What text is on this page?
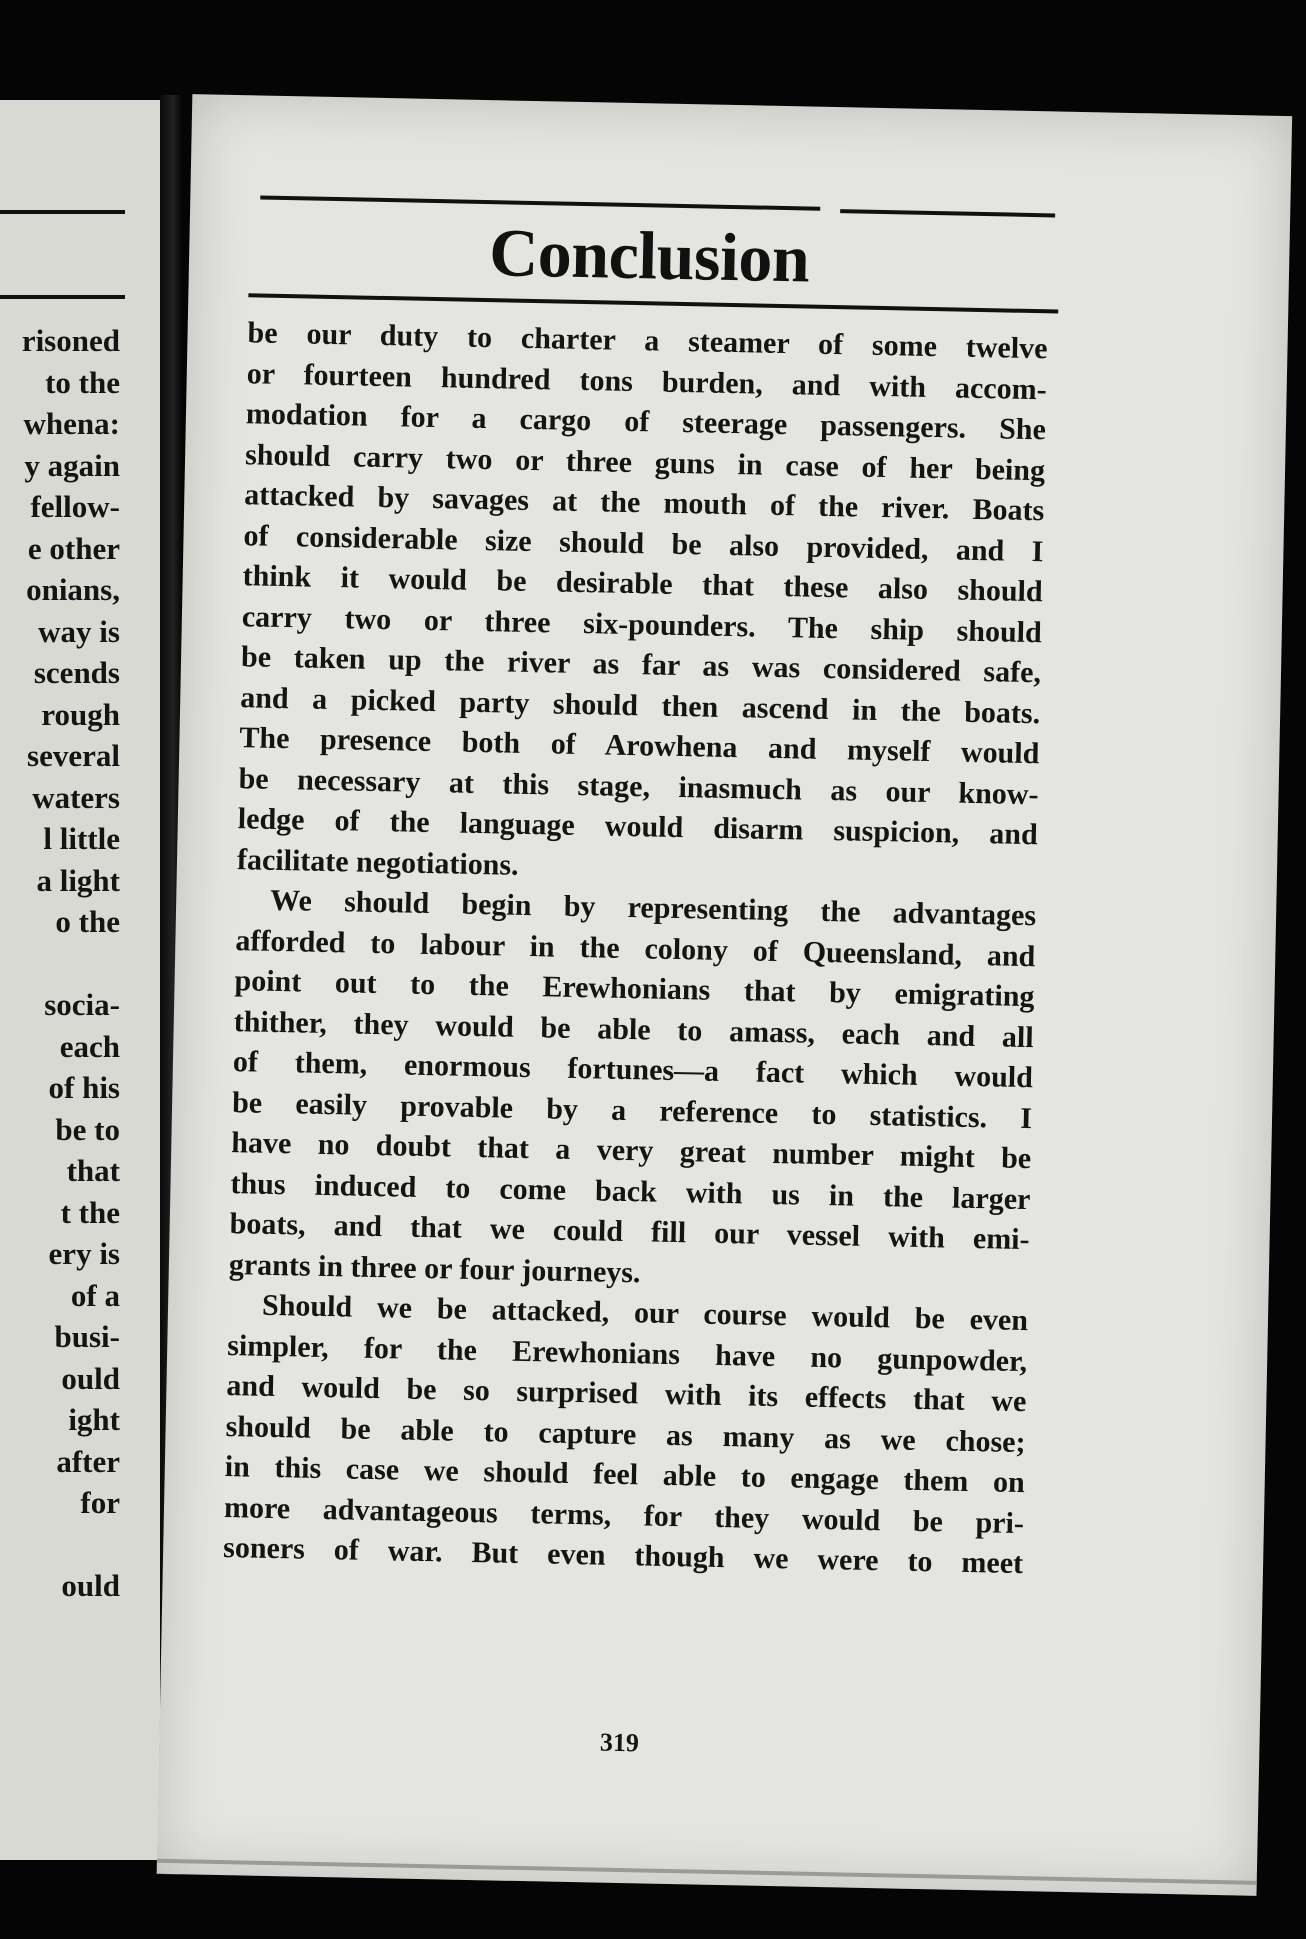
risoned
to the
whena:
y again
fellow-
e other
onians,
way is
scends
rough
several
waters
l little
a light
o the
socia-
each
of his
be to
that
t the
ery is
of a
busi-
ould
ight
after
for
ould
Conclusion
be our duty to charter a steamer of some twelve
or fourteen hundred tons burden, and with accom-
modation for a cargo of steerage passengers. She
should carry two or three guns in case of her being
attacked by savages at the mouth of the river. Boats
of considerable size should be also provided, and I
think it would be desirable that these also should
carry two or three six-pounders. The ship should
be taken up the river as far as was considered safe,
and a picked party should then ascend in the boats.
The presence both of Arowhena and myself would
be necessary at this stage, inasmuch as our know-
ledge of the language would disarm suspicion, and
facilitate negotiations.
We should begin by representing the advantages
afforded to labour in the colony of Queensland, and
point out to the Erewhonians that by emigrating
thither, they would be able to amass, each and all
of them, enormous fortunes—a fact which would
be easily provable by a reference to statistics. I
have no doubt that a very great number might be
thus induced to come back with us in the larger
boats, and that we could fill our vessel with emi-
grants in three or four journeys.
Should we be attacked, our course would be even
simpler, for the Erewhonians have no gunpowder,
and would be so surprised with its effects that we
should be able to capture as many as we chose;
in this case we should feel able to engage them on
more advantageous terms, for they would be pri-
soners of war. But even though we were to meet
319
